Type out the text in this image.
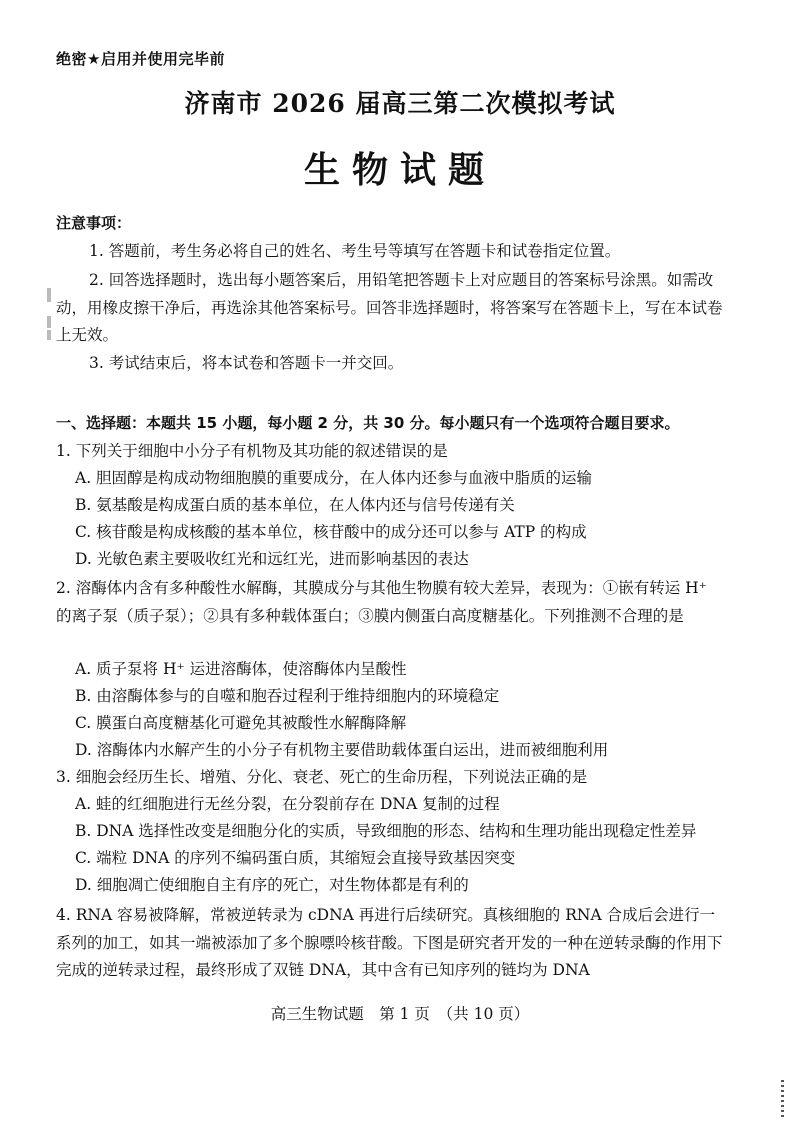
绝密★启用并使用完毕前
济南市 2026 届高三第二次模拟考试
生物试题
注意事项：
1. 答题前，考生务必将自己的姓名、考生号等填写在答题卡和试卷指定位置。
2. 回答选择题时，选出每小题答案后，用铅笔把答题卡上对应题目的答案标号涂黑。如需改动，用橡皮擦干净后，再选涂其他答案标号。回答非选择题时，将答案写在答题卡上，写在本试卷上无效。
3. 考试结束后，将本试卷和答题卡一并交回。
一、选择题：本题共 15 小题，每小题 2 分，共 30 分。每小题只有一个选项符合题目要求。
1. 下列关于细胞中小分子有机物及其功能的叙述错误的是
A. 胆固醇是构成动物细胞膜的重要成分，在人体内还参与血液中脂质的运输
B. 氨基酸是构成蛋白质的基本单位，在人体内还与信号传递有关
C. 核苷酸是构成核酸的基本单位，核苷酸中的成分还可以参与 ATP 的构成
D. 光敏色素主要吸收红光和远红光，进而影响基因的表达
2. 溶酶体内含有多种酸性水解酶，其膜成分与其他生物膜有较大差异，表现为：①嵌有转运 H⁺ 的离子泵（质子泵）；②具有多种载体蛋白；③膜内侧蛋白高度糖基化。下列推测不合理的是
A. 质子泵将 H⁺ 运进溶酶体，使溶酶体内呈酸性
B. 由溶酶体参与的自噬和胞吞过程利于维持细胞内的环境稳定
C. 膜蛋白高度糖基化可避免其被酸性水解酶降解
D. 溶酶体内水解产生的小分子有机物主要借助载体蛋白运出，进而被细胞利用
3. 细胞会经历生长、增殖、分化、衰老、死亡的生命历程，下列说法正确的是
A. 蛙的红细胞进行无丝分裂，在分裂前存在 DNA 复制的过程
B. DNA 选择性改变是细胞分化的实质，导致细胞的形态、结构和生理功能出现稳定性差异
C. 端粒 DNA 的序列不编码蛋白质，其缩短会直接导致基因突变
D. 细胞凋亡使细胞自主有序的死亡，对生物体都是有利的
4. RNA 容易被降解，常被逆转录为 cDNA 再进行后续研究。真核细胞的 RNA 合成后会进行一系列的加工，如其一端被添加了多个腺嘌呤核苷酸。下图是研究者开发的一种在逆转录酶的作用下完成的逆转录过程，最终形成了双链 DNA，其中含有已知序列的链均为 DNA
高三生物试题　第 1 页　（共 10 页）
